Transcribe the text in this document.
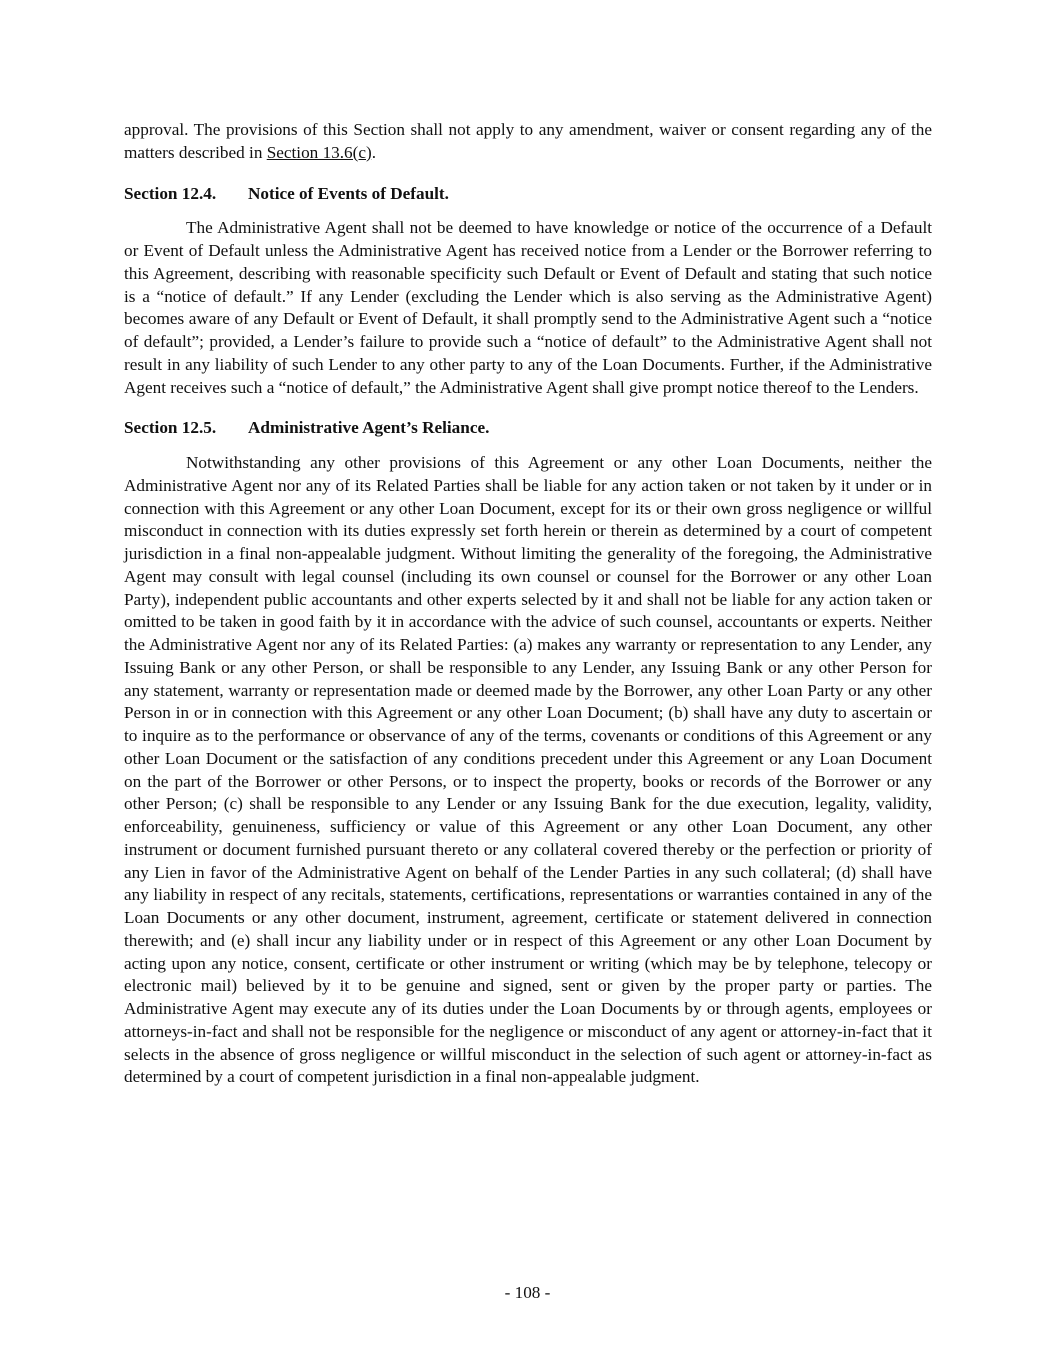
approval. The provisions of this Section shall not apply to any amendment, waiver or consent regarding any of the matters described in Section 13.6(c).

Section 12.4. Notice of Events of Default.

The Administrative Agent shall not be deemed to have knowledge or notice of the occurrence of a Default or Event of Default unless the Administrative Agent has received notice from a Lender or the Borrower referring to this Agreement, describing with reasonable specificity such Default or Event of Default and stating that such notice is a “notice of default.” If any Lender (excluding the Lender which is also serving as the Administrative Agent) becomes aware of any Default or Event of Default, it shall promptly send to the Administrative Agent such a “notice of default”; provided, a Lender’s failure to provide such a “notice of default” to the Administrative Agent shall not result in any liability of such Lender to any other party to any of the Loan Documents. Further, if the Administrative Agent receives such a “notice of default,” the Administrative Agent shall give prompt notice thereof to the Lenders.

Section 12.5. Administrative Agent’s Reliance.

Notwithstanding any other provisions of this Agreement or any other Loan Documents, neither the Administrative Agent nor any of its Related Parties shall be liable for any action taken or not taken by it under or in connection with this Agreement or any other Loan Document, except for its or their own gross negligence or willful misconduct in connection with its duties expressly set forth herein or therein as determined by a court of competent jurisdiction in a final non-appealable judgment. Without limiting the generality of the foregoing, the Administrative Agent may consult with legal counsel (including its own counsel or counsel for the Borrower or any other Loan Party), independent public accountants and other experts selected by it and shall not be liable for any action taken or omitted to be taken in good faith by it in accordance with the advice of such counsel, accountants or experts. Neither the Administrative Agent nor any of its Related Parties: (a) makes any warranty or representation to any Lender, any Issuing Bank or any other Person, or shall be responsible to any Lender, any Issuing Bank or any other Person for any statement, warranty or representation made or deemed made by the Borrower, any other Loan Party or any other Person in or in connection with this Agreement or any other Loan Document; (b) shall have any duty to ascertain or to inquire as to the performance or observance of any of the terms, covenants or conditions of this Agreement or any other Loan Document or the satisfaction of any conditions precedent under this Agreement or any Loan Document on the part of the Borrower or other Persons, or to inspect the property, books or records of the Borrower or any other Person; (c) shall be responsible to any Lender or any Issuing Bank for the due execution, legality, validity, enforceability, genuineness, sufficiency or value of this Agreement or any other Loan Document, any other instrument or document furnished pursuant thereto or any collateral covered thereby or the perfection or priority of any Lien in favor of the Administrative Agent on behalf of the Lender Parties in any such collateral; (d) shall have any liability in respect of any recitals, statements, certifications, representations or warranties contained in any of the Loan Documents or any other document, instrument, agreement, certificate or statement delivered in connection therewith; and (e) shall incur any liability under or in respect of this Agreement or any other Loan Document by acting upon any notice, consent, certificate or other instrument or writing (which may be by telephone, telecopy or electronic mail) believed by it to be genuine and signed, sent or given by the proper party or parties. The Administrative Agent may execute any of its duties under the Loan Documents by or through agents, employees or attorneys-in-fact and shall not be responsible for the negligence or misconduct of any agent or attorney-in-fact that it selects in the absence of gross negligence or willful misconduct in the selection of such agent or attorney-in-fact as determined by a court of competent jurisdiction in a final non-appealable judgment.

- 108 -
